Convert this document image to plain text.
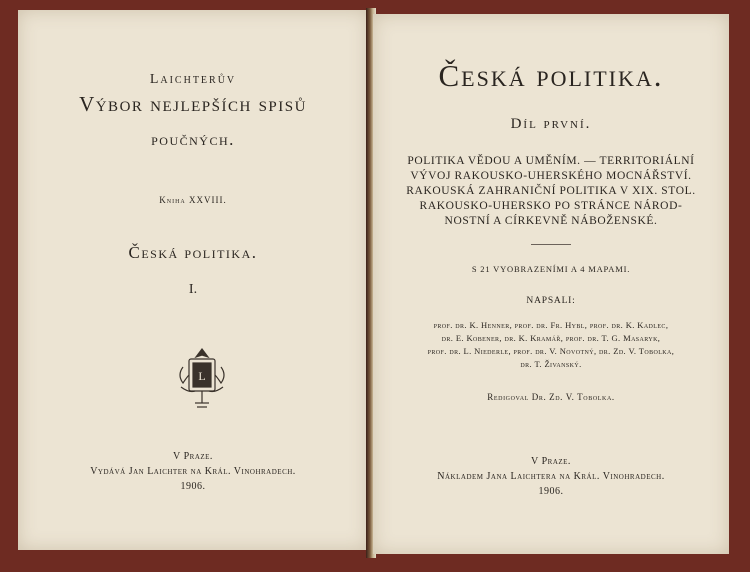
Laichterův
Výbor nejlepších spisů
poučných.
Kniha XXVIII.
Česká politika.
I.
L
V Praze.
Vydává Jan Laichter na Král. Vinohradech.
1906.
Česká politika.
Díl první.
POLITIKA VĚDOU A UMĚNÍM. — TERRITORIÁLNÍ
VÝVOJ RAKOUSKO-UHERSKÉHO MOCNÁŘSTVÍ.
RAKOUSKÁ ZAHRANIČNÍ POLITIKA V XIX. STOL.
RAKOUSKO-UHERSKO PO STRÁNCE NÁROD-
NOSTNÍ A CÍRKEVNĚ NÁBOŽENSKÉ.
S 21 VYOBRAZENÍMI A 4 MAPAMI.
NAPSALI:
prof. dr. K. Henner, prof. dr. Fr. Hybl, prof. dr. K. Kadlec,
dr. E. Kobener, dr. K. Kramář, prof. dr. T. G. Masaryk,
prof. dr. L. Niederle, prof. dr. V. Novotný, dr. Zd. V. Tobolka,
dr. T. Živanský.
Redigoval Dr. Zd. V. Tobolka.
V Praze.
Nákladem Jana Laichtera na Král. Vinohradech.
1906.
